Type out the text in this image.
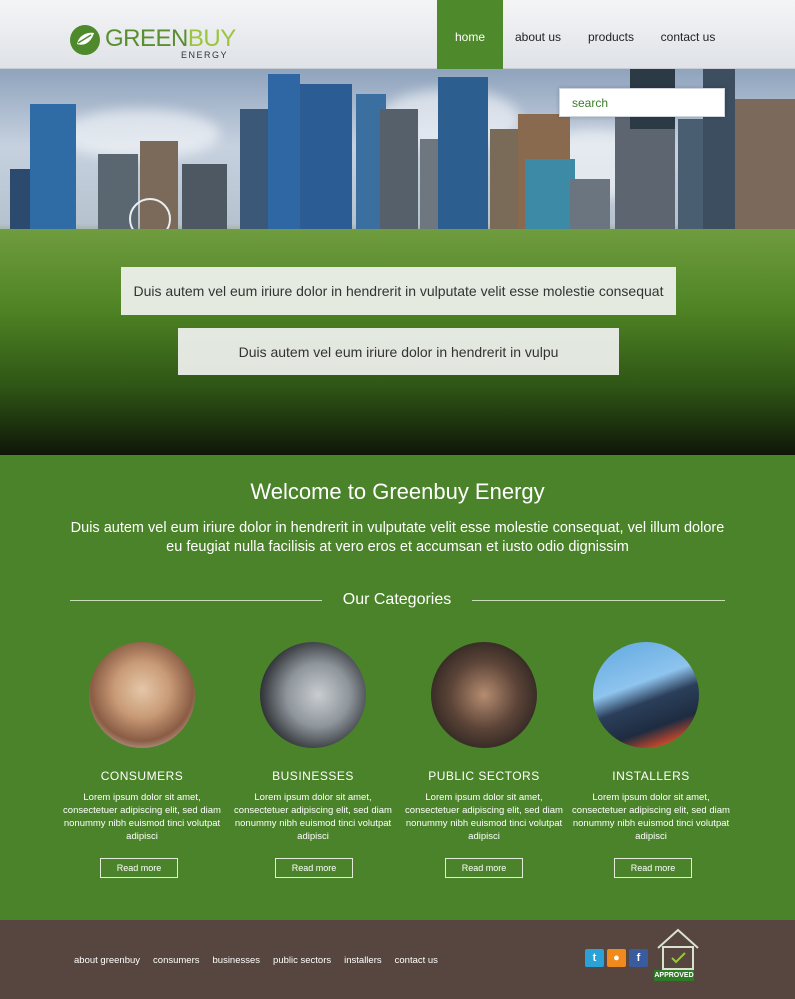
GREENBUY
ENERGY
home	about us	products	contact us
search
Duis autem vel eum iriure dolor in hendrerit in vulputate velit esse molestie consequat
Duis autem vel eum iriure dolor in hendrerit in vulpu
Welcome to Greenbuy Energy
Duis autem vel eum iriure dolor in hendrerit in vulputate velit esse molestie consequat, vel illum dolore eu feugiat nulla facilisis at vero eros et accumsan et iusto odio dignissim
Our Categories
CONSUMERS
Lorem ipsum dolor sit amet, consectetuer adipiscing elit, sed diam nonummy nibh euismod tinci volutpat adipisci
Read more
BUSINESSES
Lorem ipsum dolor sit amet, consectetuer adipiscing elit, sed diam nonummy nibh euismod tinci volutpat adipisci
Read more
PUBLIC SECTORS
Lorem ipsum dolor sit amet, consectetuer adipiscing elit, sed diam nonummy nibh euismod tinci volutpat adipisci
Read more
INSTALLERS
Lorem ipsum dolor sit amet, consectetuer adipiscing elit, sed diam nonummy nibh euismod tinci volutpat adipisci
Read more
about greenbuy consumers businesses public sectors installers contact us	t	●	f
APPROVED
